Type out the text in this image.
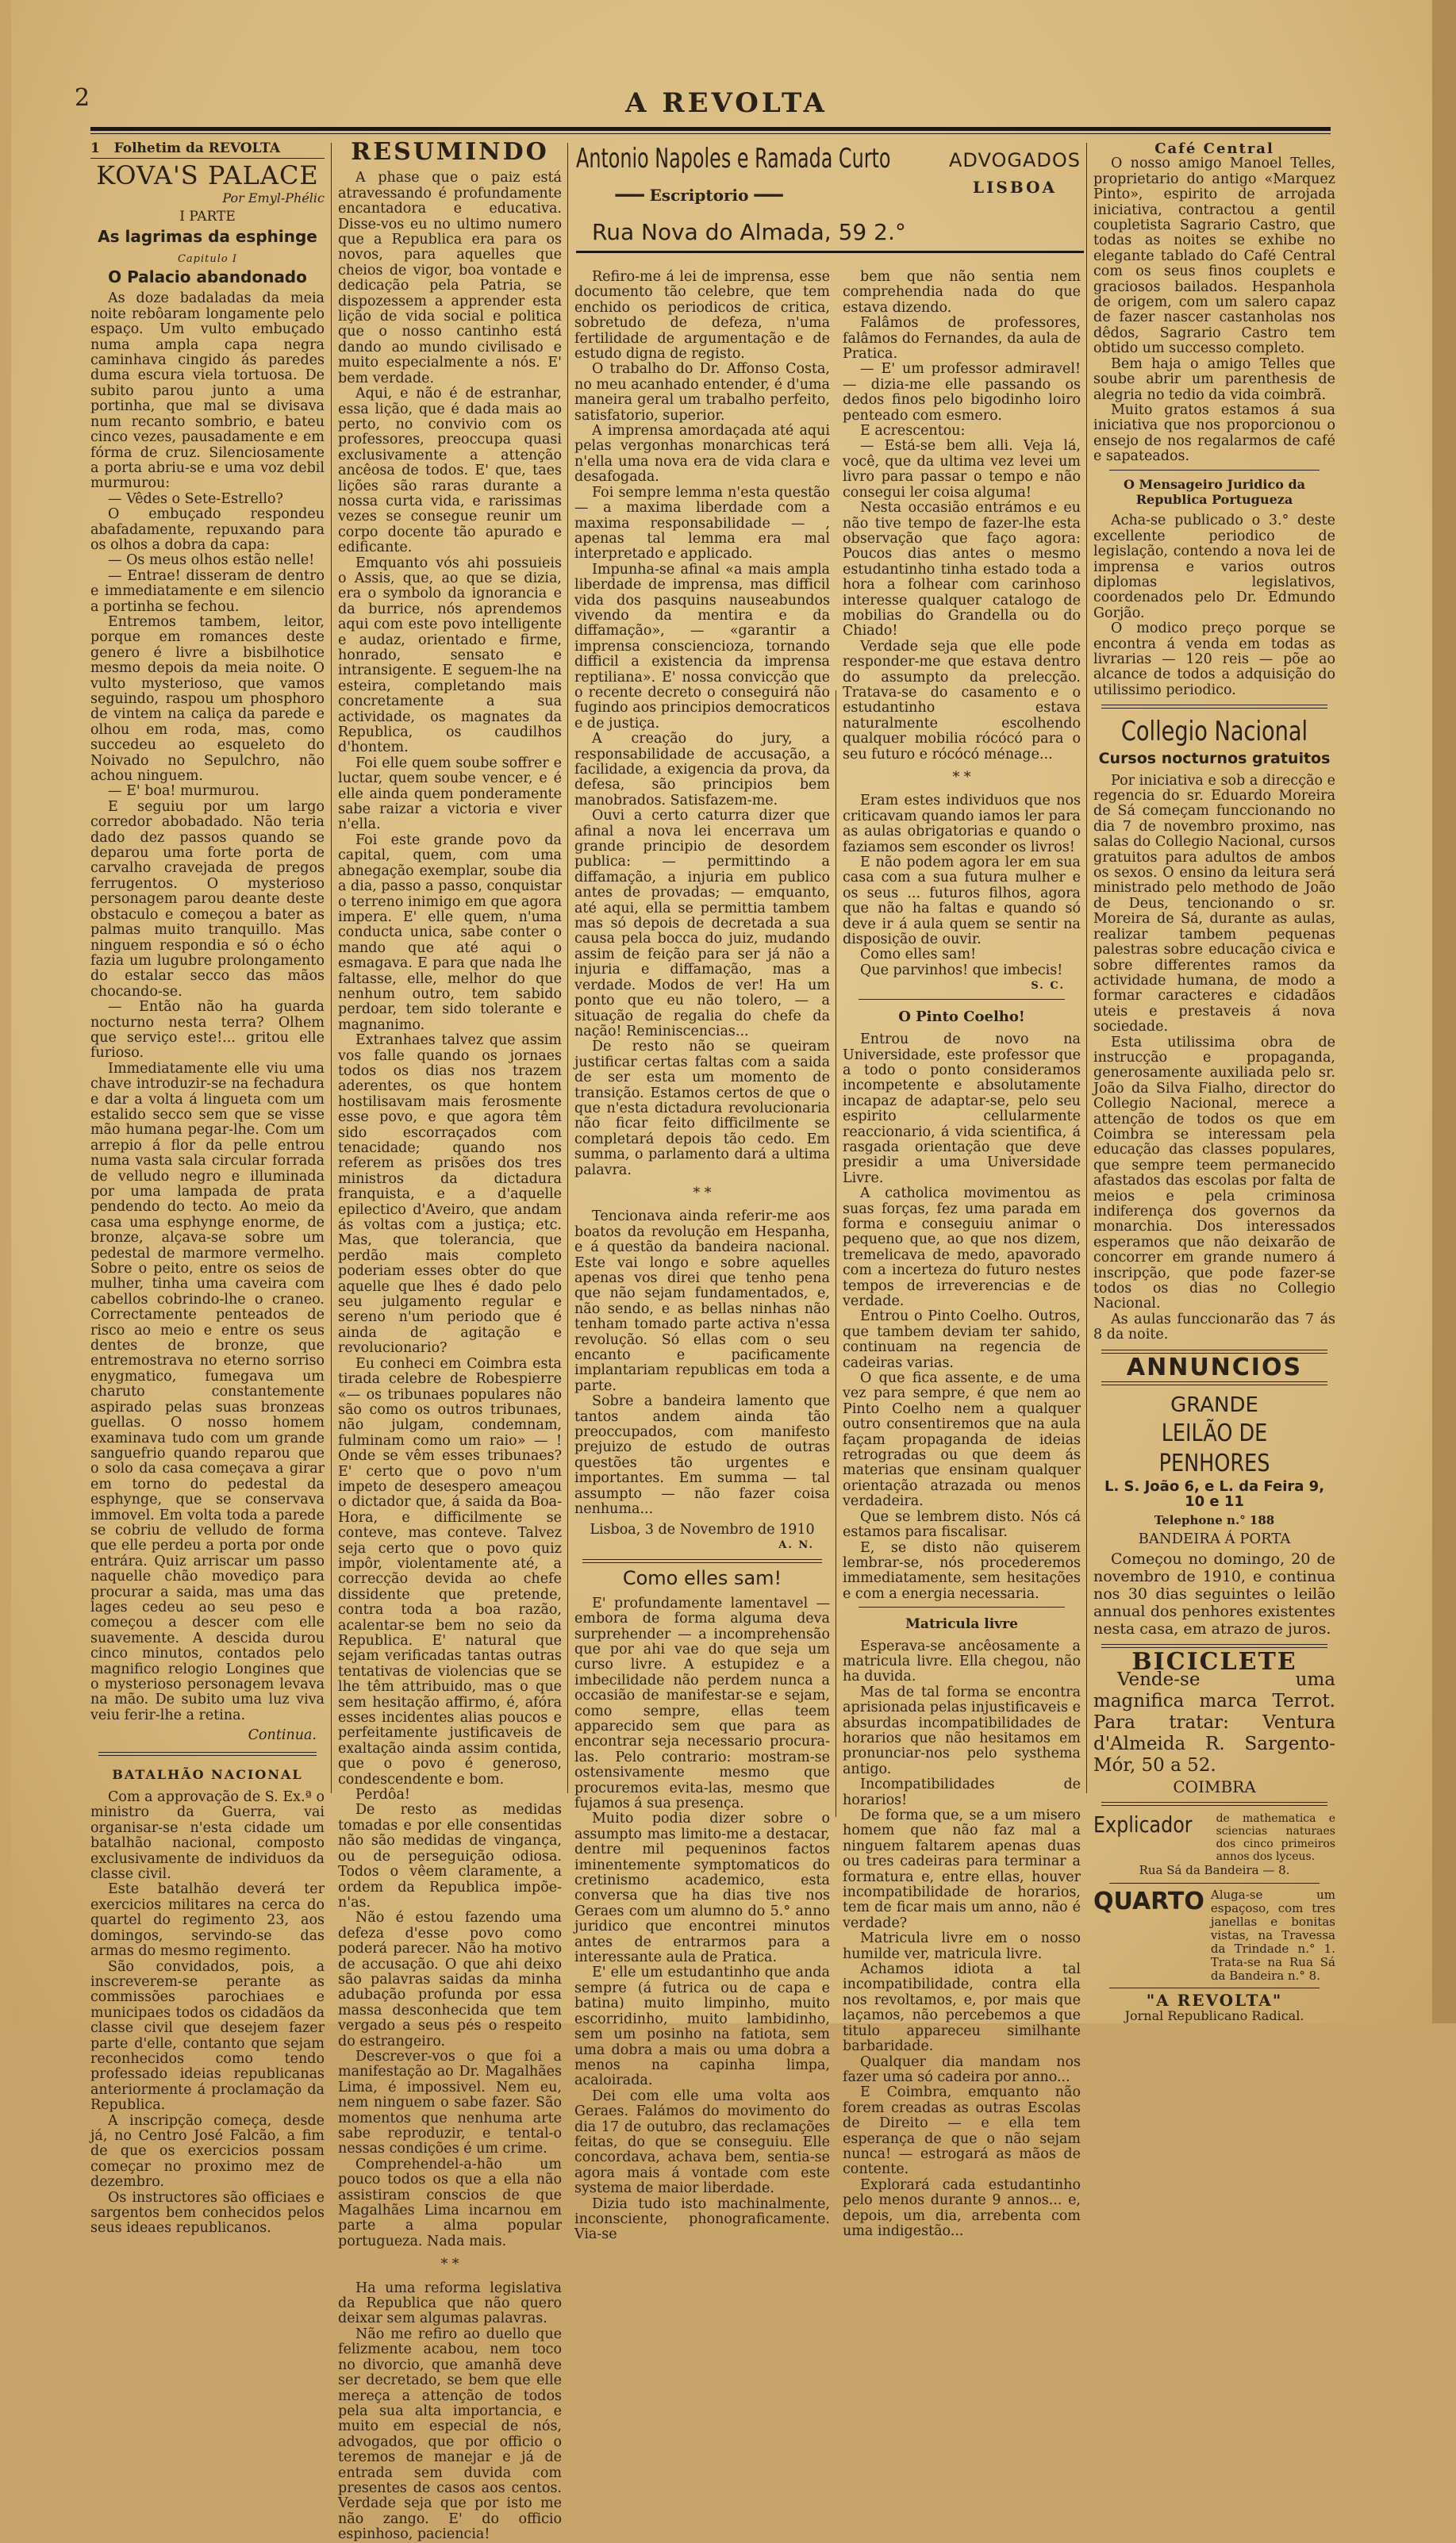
2	A REVOLTA
1 Folhetim da REVOLTA
KOVA'S PALACE
Por Emyl-Phélic
I PARTE
As lagrimas da esphinge
Capitulo I
O Palacio abandonado

As doze badaladas da meia noite rebôaram longamente pelo espaço. Um vulto embuçado numa ampla capa negra caminhava cingido ás paredes duma escura viela tortuosa. De subito parou junto a uma portinha, que mal se divisava num recanto sombrio, e bateu cinco vezes, pausadamente e em fórma de cruz. Silenciosamente a porta abriu-se e uma voz debil murmurou:

— Vêdes o Sete-Estrello?

O embuçado respondeu abafadamente, repuxando para os olhos a dobra da capa:

— Os meus olhos estão nelle!

— Entrae! disseram de dentro e immediatamente e em silencio a portinha se fechou.

Entremos tambem, leitor, porque em romances deste genero é livre a bisbilhotice mesmo depois da meia noite. O vulto mysterioso, que vamos seguindo, raspou um phosphoro de vintem na caliça da parede e olhou em roda, mas, como succedeu ao esqueleto do Noivado no Sepulchro, não achou ninguem.

— E' boa! murmurou.

E seguiu por um largo corredor abobadado. Não teria dado dez passos quando se deparou uma forte porta de carvalho cravejada de pregos ferrugentos. O mysterioso personagem parou deante deste obstaculo e começou a bater as palmas muito tranquillo. Mas ninguem respondia e só o écho fazia um lugubre prolongamento do estalar secco das mãos chocando-se.

— Então não ha guarda nocturno nesta terra? Olhem que serviço este!... gritou elle furioso.

Immediatamente elle viu uma chave introduzir-se na fechadura e dar a volta á lingueta com um estalido secco sem que se visse mão humana pegar-lhe. Com um arrepio á flor da pelle entrou numa vasta sala circular forrada de velludo negro e illuminada por uma lampada de prata pendendo do tecto. Ao meio da casa uma esphynge enorme, de bronze, alçava-se sobre um pedestal de marmore vermelho. Sobre o peito, entre os seios de mulher, tinha uma caveira com cabellos cobrindo-lhe o craneo. Correctamente penteados de risco ao meio e entre os seus dentes de bronze, que entremostrava no eterno sorriso enygmatico, fumegava um charuto constantemente aspirado pelas suas bronzeas guellas. O nosso homem examinava tudo com um grande sanguefrio quando reparou que o solo da casa começava a girar em torno do pedestal da esphynge, que se conservava immovel. Em volta toda a parede se cobriu de velludo de forma que elle perdeu a porta por onde entrára. Quiz arriscar um passo naquelle chão movediço para procurar a saida, mas uma das lages cedeu ao seu peso e começou a descer com elle suavemente. A descida durou cinco minutos, contados pelo magnifico relogio Longines que o mysterioso personagem levava na mão. De subito uma luz viva veiu ferir-lhe a retina.

Continua.
BATALHÃO NACIONAL

Com a approvação de S. Ex.ª o ministro da Guerra, vai organisar-se n'esta cidade um batalhão nacional, composto exclusivamente de individuos da classe civil.

Este batalhão deverá ter exercicios militares na cerca do quartel do regimento 23, aos domingos, servindo-se das armas do mesmo regimento.

São convidados, pois, a inscreverem-se perante as commissões parochiaes e municipaes todos os cidadãos da classe civil que desejem fazer parte d'elle, contanto que sejam reconhecidos como tendo professado ideias republicanas anteriormente á proclamação da Republica.

A inscripção começa, desde já, no Centro José Falcão, a fim de que os exercicios possam começar no proximo mez de dezembro.

Os instructores são officiaes e sargentos bem conhecidos pelos seus ideaes republicanos.

RESUMINDO

A phase que o paiz está atravessando é profundamente encantadora e educativa. Disse-vos eu no ultimo numero que a Republica era para os novos, para aquelles que cheios de vigor, boa vontade e dedicação pela Patria, se dispozessem a apprender esta lição de vida social e politica que o nosso cantinho está dando ao mundo civilisado e muito especialmente a nós. E' bem verdade.

Aqui, e não é de estranhar, essa lição, que é dada mais ao perto, no convivio com os professores, preoccupa quasi exclusivamente a attenção ancêosa de todos. E' que, taes lições são raras durante a nossa curta vida, e rarissimas vezes se consegue reunir um corpo docente tão apurado e edificante.

Emquanto vós ahi possuieis o Assis, que, ao que se dizia, era o symbolo da ignorancia e da burrice, nós aprendemos aqui com este povo intelligente e audaz, orientado e firme, honrado, sensato e intransigente. E seguem-lhe na esteira, completando mais concretamente a sua actividade, os magnates da Republica, os caudilhos d'hontem.

Foi elle quem soube soffrer e luctar, quem soube vencer, e é elle ainda quem ponderamente sabe raizar a victoria e viver n'ella.

Foi este grande povo da capital, quem, com uma abnegação exemplar, soube dia a dia, passo a passo, conquistar o terreno inimigo em que agora impera. E' elle quem, n'uma conducta unica, sabe conter o mando que até aqui o esmagava. E para que nada lhe faltasse, elle, melhor do que nenhum outro, tem sabido perdoar, tem sido tolerante e magnanimo.

Extranhaes talvez que assim vos falle quando os jornaes todos os dias nos trazem aderentes, os que hontem hostilisavam mais ferosmente esse povo, e que agora têm sido escorraçados com tenacidade; quando nos referem as prisões dos tres ministros da dictadura franquista, e a d'aquelle epilectico d'Aveiro, que andam ás voltas com a justiça; etc. Mas, que tolerancia, que perdão mais completo poderiam esses obter do que aquelle que lhes é dado pelo seu julgamento regular e sereno n'um periodo que é ainda de agitação e revolucionario?

Eu conheci em Coimbra esta tirada celebre de Robespierre «— os tribunaes populares não são como os outros tribunaes, não julgam, condemnam, fulminam como um raio» — ! Onde se vêm esses tribunaes? E' certo que o povo n'um impeto de desespero ameaçou o dictador que, á saida da Boa-Hora, e difficilmente se conteve, mas conteve. Talvez seja certo que o povo quiz impôr, violentamente até, a correcção devida ao chefe dissidente que pretende, contra toda a boa razão, acalentar-se bem no seio da Republica. E' natural que sejam verificadas tantas outras tentativas de violencias que se lhe têm attribuido, mas o que sem hesitação affirmo, é, afóra esses incidentes alias poucos e perfeitamente justificaveis de exaltação ainda assim contida, que o povo é generoso, condescendente e bom.

Perdôa!

De resto as medidas tomadas e por elle consentidas não são medidas de vingança, ou de perseguição odiosa. Todos o vêem claramente, a ordem da Republica impõe-n'as.

Não é estou fazendo uma defeza d'esse povo como poderá parecer. Não ha motivo de accusação. O que ahi deixo são palavras saidas da minha adubação profunda por essa massa desconhecida que tem vergado a seus pés o respeito do estrangeiro.

Descrever-vos o que foi a manifestação ao Dr. Magalhães Lima, é impossivel. Nem eu, nem ninguem o sabe fazer. São momentos que nenhuma arte sabe reproduzir, e tental-o nessas condições é um crime.

Comprehendel-a-hão um pouco todos os que a ella não assistiram conscios de que Magalhães Lima incarnou em parte a alma popular portugueza. Nada mais.

* *

Ha uma reforma legislativa da Republica que não quero deixar sem algumas palavras.

Não me refiro ao duello que felizmente acabou, nem toco no divorcio, que amanhã deve ser decretado, se bem que elle mereça a attenção de todos pela sua alta importancia, e muito em especial de nós, advogados, que por officio o teremos de manejar e já de entrada sem duvida com presentes de casos aos centos. Verdade seja que por isto me não zango. E' do officio espinhoso, paciencia!

Antonio Napoles e Ramada Curto	ADVOGADOS
LISBOA
━━━ Escriptorio ━━━
Rua Nova do Almada, 59 2.°

Refiro-me á lei de imprensa, esse documento tão celebre, que tem enchido os periodicos de critica, sobretudo de defeza, n'uma fertilidade de argumentação e de estudo digna de registo.

O trabalho do Dr. Affonso Costa, no meu acanhado entender, é d'uma maneira geral um trabalho perfeito, satisfatorio, superior.

A imprensa amordaçada até aqui pelas vergonhas monarchicas terá n'ella uma nova era de vida clara e desafogada.

Foi sempre lemma n'esta questão — a maxima liberdade com a maxima responsabilidade — , apenas tal lemma era mal interpretado e applicado.

Impunha-se afinal «a mais ampla liberdade de imprensa, mas difficil vida dos pasquins nauseabundos vivendo da mentira e da diffamação», — «garantir a imprensa consciencioza, tornando difficil a existencia da imprensa reptiliana». E' nossa convicção que o recente decreto o conseguirá não fugindo aos principios democraticos e de justiça.

A creação do jury, a responsabilidade de accusação, a facilidade, a exigencia da prova, da defesa, são principios bem manobrados. Satisfazem-me.

Ouvi a certo caturra dizer que afinal a nova lei encerrava um grande principio de desordem publica: — permittindo a diffamação, a injuria em publico antes de provadas; — emquanto, até aqui, ella se permittia tambem mas só depois de decretada a sua causa pela bocca do juiz, mudando assim de feição para ser já não a injuria e diffamação, mas a verdade. Modos de ver! Ha um ponto que eu não tolero, — a situação de regalia do chefe da nação! Reminiscencias...

De resto não se queiram justificar certas faltas com a saida de ser esta um momento de transição. Estamos certos de que o que n'esta dictadura revolucionaria não ficar feito difficilmente se completará depois tão cedo. Em summa, o parlamento dará a ultima palavra.

* *

Tencionava ainda referir-me aos boatos da revolução em Hespanha, e á questão da bandeira nacional. Este vai longo e sobre aquelles apenas vos direi que tenho pena que não sejam fundamentados, e, não sendo, e as bellas ninhas não tenham tomado parte activa n'essa revolução. Só ellas com o seu encanto e pacificamente implantariam republicas em toda a parte.

Sobre a bandeira lamento que tantos andem ainda tão preoccupados, com manifesto prejuizo de estudo de outras questões tão urgentes e importantes. Em summa — tal assumpto — não fazer coisa nenhuma...

Lisboa, 3 de Novembro de 1910
A. N.
Como elles sam!

E' profundamente lamentavel — embora de forma alguma deva surprehender — a incomprehensão que por ahi vae do que seja um curso livre. A estupidez e a imbecilidade não perdem nunca a occasião de manifestar-se e sejam, como sempre, ellas teem apparecido sem que para as encontrar seja necessario procura-las. Pelo contrario: mostram-se ostensivamente mesmo que procuremos evita-las, mesmo que fujamos á sua presença.

Muito podia dizer sobre o assumpto mas limito-me a destacar, dentre mil pequeninos factos iminentemente symptomaticos do cretinismo academico, esta conversa que ha dias tive nos Geraes com um alumno do 5.° anno juridico que encontrei minutos antes de entrarmos para a interessante aula de Pratica.

E' elle um estudantinho que anda sempre (á futrica ou de capa e batina) muito limpinho, muito escorridinho, muito lambidinho, sem um posinho na fatiota, sem uma dobra a mais ou uma dobra a menos na capinha limpa, acaloirada.

Dei com elle uma volta aos Geraes. Falámos do movimento do dia 17 de outubro, das reclamações feitas, do que se conseguiu. Elle concordava, achava bem, sentia-se agora mais á vontade com este systema de maior liberdade.

Dizia tudo isto machinalmente, inconsciente, phonograficamente. Via-se

bem que não sentia nem comprehendia nada do que estava dizendo.

Falâmos de professores, falâmos do Fernandes, da aula de Pratica.

— E' um professor admiravel! — dizia-me elle passando os dedos finos pelo bigodinho loiro penteado com esmero.

E acrescentou:

— Está-se bem alli. Veja lá, você, que da ultima vez levei um livro para passar o tempo e não consegui ler coisa alguma!

Nesta occasião entrámos e eu não tive tempo de fazer-lhe esta observação que faço agora: Poucos dias antes o mesmo estudantinho tinha estado toda a hora a folhear com carinhoso interesse qualquer catalogo de mobilias do Grandella ou do Chiado!

Verdade seja que elle pode responder-me que estava dentro do assumpto da prelecção. Tratava-se do casamento e o estudantinho estava naturalmente escolhendo qualquer mobilia rócócó para o seu futuro e rócócó ménage...

* *

Eram estes individuos que nos criticavam quando iamos ler para as aulas obrigatorias e quando o faziamos sem esconder os livros!

E não podem agora ler em sua casa com a sua futura mulher e os seus ... futuros filhos, agora que não ha faltas e quando só deve ir á aula quem se sentir na disposição de ouvir.

Como elles sam!

Que parvinhos! que imbecis!

S. C.
O Pinto Coelho!

Entrou de novo na Universidade, este professor que a todo o ponto consideramos incompetente e absolutamente incapaz de adaptar-se, pelo seu espirito cellularmente reaccionario, á vida scientifica, á rasgada orientação que deve presidir a uma Universidade Livre.

A catholica movimentou as suas forças, fez uma parada em forma e conseguiu animar o pequeno que, ao que nos dizem, tremelicava de medo, apavorado com a incerteza do futuro nestes tempos de irreverencias e de verdade.

Entrou o Pinto Coelho. Outros, que tambem deviam ter sahido, continuam na regencia de cadeiras varias.

O que fica assente, e de uma vez para sempre, é que nem ao Pinto Coelho nem a qualquer outro consentiremos que na aula façam propaganda de ideias retrogradas ou que deem ás materias que ensinam qualquer orientação atrazada ou menos verdadeira.

Que se lembrem disto. Nós cá estamos para fiscalisar.

E, se disto não quiserem lembrar-se, nós procederemos immediatamente, sem hesitações e com a energia necessaria.

Matricula livre

Esperava-se ancêosamente a matricula livre. Ella chegou, não ha duvida.

Mas de tal forma se encontra aprisionada pelas injustificaveis e absurdas incompatibilidades de horarios que não hesitamos em pronunciar-nos pelo systhema antigo.

Incompatibilidades de horarios!

De forma que, se a um misero homem que não faz mal a ninguem faltarem apenas duas ou tres cadeiras para terminar a formatura e, entre ellas, houver incompatibilidade de horarios, tem de ficar mais um anno, não é verdade?

Matricula livre em o nosso humilde ver, matricula livre.

Achamos idiota a tal incompatibilidade, contra ella nos revoltamos, e, por mais que laçamos, não percebemos a que titulo appareceu similhante barbaridade.

Qualquer dia mandam nos fazer uma só cadeira por anno...

E Coimbra, emquanto não forem creadas as outras Escolas de Direito — e ella tem esperança de que o não sejam nunca! — estrogará as mãos de contente.

Explorará cada estudantinho pelo menos durante 9 annos... e, depois, um dia, arrebenta com uma indigestão...

Café Central

O nosso amigo Manoel Telles, proprietario do antigo «Marquez Pinto», espirito de arrojada iniciativa, contractou a gentil coupletista Sagrario Castro, que todas as noites se exhibe no elegante tablado do Café Central com os seus finos couplets e graciosos bailados. Hespanhola de origem, com um salero capaz de fazer nascer castanholas nos dêdos, Sagrario Castro tem obtido um successo completo.

Bem haja o amigo Telles que soube abrir um parenthesis de alegria no tedio da vida coimbrã.

Muito gratos estamos á sua iniciativa que nos proporcionou o ensejo de nos regalarmos de café e sapateados.

O Mensageiro Juridico da Republica Portugueza

Acha-se publicado o 3.° deste excellente periodico de legislação, contendo a nova lei de imprensa e varios outros diplomas legislativos, coordenados pelo Dr. Edmundo Gorjão.

O modico preço porque se encontra á venda em todas as livrarias — 120 reis — põe ao alcance de todos a adquisição do utilissimo periodico.

Collegio Nacional
Cursos nocturnos gratuitos

Por iniciativa e sob a direcção e regencia do sr. Eduardo Moreira de Sá começam funccionando no dia 7 de novembro proximo, nas salas do Collegio Nacional, cursos gratuitos para adultos de ambos os sexos. O ensino da leitura será ministrado pelo methodo de João de Deus, tencionando o sr. Moreira de Sá, durante as aulas, realizar tambem pequenas palestras sobre educação civica e sobre differentes ramos da actividade humana, de modo a formar caracteres e cidadãos uteis e prestaveis á nova sociedade.

Esta utilissima obra de instrucção e propaganda, generosamente auxiliada pelo sr. João da Silva Fialho, director do Collegio Nacional, merece a attenção de todos os que em Coimbra se interessam pela educação das classes populares, que sempre teem permanecido afastados das escolas por falta de meios e pela criminosa indiferença dos governos da monarchia. Dos interessados esperamos que não deixarão de concorrer em grande numero á inscripção, que pode fazer-se todos os dias no Collegio Nacional.

As aulas funccionarão das 7 ás 8 da noite.

ANNUNCIOS
GRANDE
LEILÃO DE PENHORES
L. S. João 6, e L. da Feira 9, 10 e 11
Telephone n.° 188
BANDEIRA Á PORTA

Começou no domingo, 20 de novembro de 1910, e continua nos 30 dias seguintes o leilão annual dos penhores existentes nesta casa, em atrazo de juros.

BICICLETE

Vende-se uma magnifica marca Terrot. Para tratar: Ventura d'Almeida R. Sargento-Mór, 50 a 52.

COIMBRA
Explicador de mathematica e sciencias naturaes dos cinco primeiros annos dos lyceus.
Rua Sá da Bandeira — 8.
QUARTO Aluga-se um espaçoso, com tres janellas e bonitas vistas, na Travessa da Trindade n.° 1. Trata-se na Rua Sá da Bandeira n.° 8.
"A REVOLTA"
Jornal Republicano Radical.
